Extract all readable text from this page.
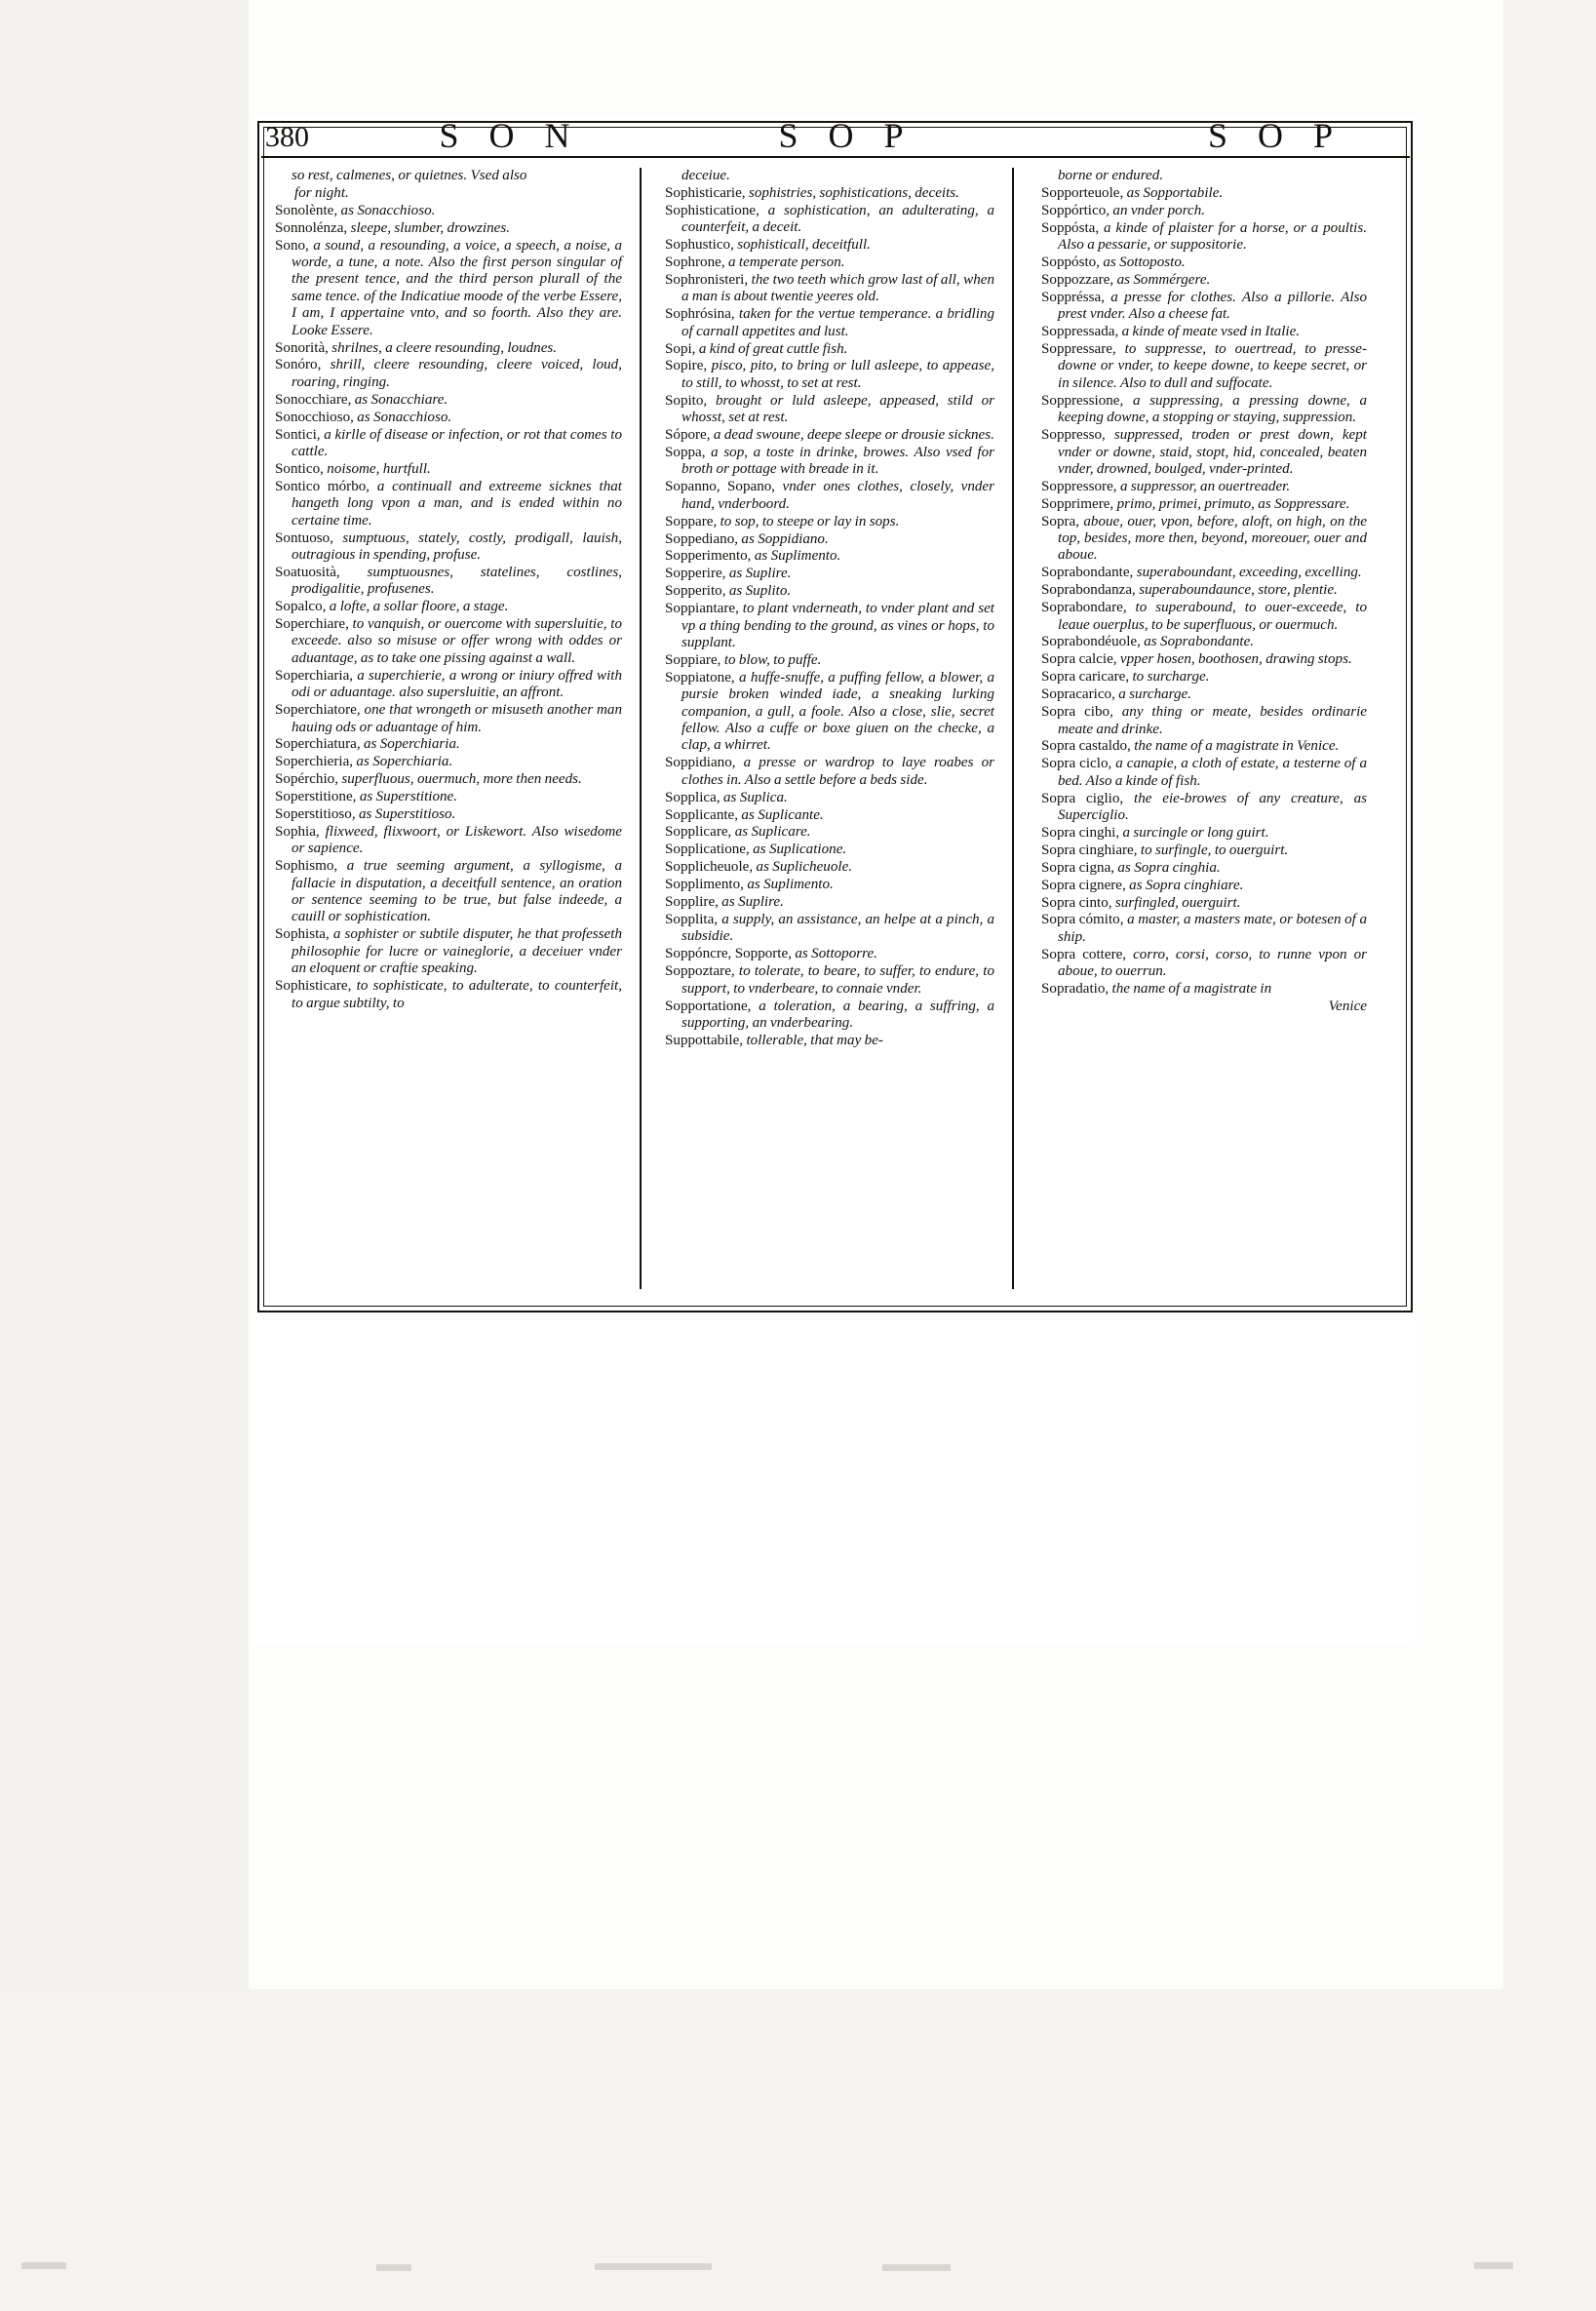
380	S O N	S O P	S O P
so rest, calmenes, or quietnes. Vsed also
for night.
Sonolènte, as Sonacchioso.
Sonnolénza, sleepe, slumber, drowzines.
Sono, a sound, a resounding, a voice, a speech, a noise, a worde, a tune, a note. Also the first person singular of the present tence, and the third person plurall of the same tence. of the Indicatiue moode of the verbe Essere, I am, I appertaine vnto, and so foorth. Also they are. Looke Essere.
Sonorità, shrilnes, a cleere resounding, loudnes.
Sonóro, shrill, cleere resounding, cleere voiced, loud, roaring, ringing.
Sonocchiare, as Sonacchiare.
Sonocchioso, as Sonacchioso.
Sontici, a kirlle of disease or infection, or rot that comes to cattle.
Sontico, noisome, hurtfull.
Sontico mórbo, a continuall and extreeme sicknes that hangeth long vpon a man, and is ended within no certaine time.
Sontuoso, sumptuous, stately, costly, prodigall, lauish, outragious in spending, profuse.
Soatuosità, sumptuousnes, statelines, costlines, prodigalitie, profusenes.
Sopalco, a lofte, a sollar floore, a stage.
Soperchiare, to vanquish, or ouercome with supersluitie, to exceede. also so misuse or offer wrong with oddes or aduantage, as to take one pissing against a wall.
Soperchiaria, a superchierie, a wrong or iniury offred with odi or aduantage. also supersluitie, an affront.
Soperchiatore, one that wrongeth or misuseth another man hauing ods or aduantage of him.
Soperchiatura, as Soperchiaria.
Soperchieria, as Soperchiaria.
Sopérchio, superfluous, ouermuch, more then needs.
Soperstitione, as Superstitione.
Soperstitioso, as Superstitioso.
Sophia, flixweed, flixwoort, or Liskewort. Also wisedome or sapience.
Sophismo, a true seeming argument, a syllogisme, a fallacie in disputation, a deceitfull sentence, an oration or sentence seeming to be true, but false indeede, a cauill or sophistication.
Sophista, a sophister or subtile disputer, he that professeth philosophie for lucre or vaineglorie, a deceiuer vnder an eloquent or craftie speaking.
Sophisticare, to sophisticate, to adulterate, to counterfeit, to argue subtilty, to
deceiue.
Sophisticarie, sophistries, sophistications, deceits.
Sophisticatione, a sophistication, an adulterating, a counterfeit, a deceit.
Sophustico, sophisticall, deceitfull.
Sophrone, a temperate person.
Sophronisteri, the two teeth which grow last of all, when a man is about twentie yeeres old.
Sophrósina, taken for the vertue temperance. a bridling of carnall appetites and lust.
Sopi, a kind of great cuttle fish.
Sopire, pisco, pito, to bring or lull asleepe, to appease, to still, to whosst, to set at rest.
Sopito, brought or luld asleepe, appeased, stild or whosst, set at rest.
Sópore, a dead swoune, deepe sleepe or drousie sicknes.
Soppa, a sop, a toste in drinke, browes. Also vsed for broth or pottage with breade in it.
Sopanno, Sopano, vnder ones clothes, closely, vnder hand, vnderboord.
Soppare, to sop, to steepe or lay in sops.
Soppediano, as Soppidiano.
Sopperimento, as Suplimento.
Sopperire, as Suplire.
Sopperito, as Suplito.
Soppiantare, to plant vnderneath, to vnder plant and set vp a thing bending to the ground, as vines or hops, to supplant.
Soppiare, to blow, to puffe.
Soppiatone, a huffe-snuffe, a puffing fellow, a blower, a pursie broken winded iade, a sneaking lurking companion, a gull, a foole. Also a close, slie, secret fellow. Also a cuffe or boxe giuen on the checke, a clap, a whirret.
Soppidiano, a presse or wardrop to laye roabes or clothes in. Also a settle before a beds side.
Sopplica, as Suplica.
Sopplicante, as Suplicante.
Sopplicare, as Suplicare.
Sopplicatione, as Suplicatione.
Sopplicheuole, as Suplicheuole.
Sopplimento, as Suplimento.
Sopplire, as Suplire.
Sopplita, a supply, an assistance, an helpe at a pinch, a subsidie.
Soppóncre, Sopporte, as Sottoporre.
Soppoztare, to tolerate, to beare, to suffer, to endure, to support, to vnderbeare, to connaie vnder.
Sopportatione, a toleration, a bearing, a suffring, a supporting, an vnderbearing.
Suppottabile, tollerable, that may be-
borne or endured.
Sopporteuole, as Sopportabile.
Soppórtico, an vnder porch.
Soppósta, a kinde of plaister for a horse, or a poultis. Also a pessarie, or suppositorie.
Soppósto, as Sottoposto.
Soppozzare, as Sommérgere.
Soppréssa, a presse for clothes. Also a pillorie. Also prest vnder. Also a cheese fat.
Soppressada, a kinde of meate vsed in Italie.
Soppressare, to suppresse, to ouertread, to presse-downe or vnder, to keepe downe, to keepe secret, or in silence. Also to dull and suffocate.
Soppressione, a suppressing, a pressing downe, a keeping downe, a stopping or staying, suppression.
Soppresso, suppressed, troden or prest down, kept vnder or downe, staid, stopt, hid, concealed, beaten vnder, drowned, boulged, vnder-printed.
Soppressore, a suppressor, an ouertreader.
Sopprimere, primo, primei, primuto, as Soppressare.
Sopra, aboue, ouer, vpon, before, aloft, on high, on the top, besides, more then, beyond, moreouer, ouer and aboue.
Soprabondante, superaboundant, exceeding, excelling.
Soprabondanza, superaboundaunce, store, plentie.
Soprabondare, to superabound, to ouer-exceede, to leaue ouerplus, to be superfluous, or ouermuch.
Soprabondéuole, as Soprabondante.
Sopra calcie, vpper hosen, boothosen, drawing stops.
Sopra caricare, to surcharge.
Sopracarico, a surcharge.
Sopra cibo, any thing or meate, besides ordinarie meate and drinke.
Sopra castaldo, the name of a magistrate in Venice.
Sopra ciclo, a canapie, a cloth of estate, a testerne of a bed. Also a kinde of fish.
Sopra ciglio, the eie-browes of any creature, as Superciglio.
Sopra cinghi, a surcingle or long guirt.
Sopra cinghiare, to surfingle, to ouerguirt.
Sopra cigna, as Sopra cinghia.
Sopra cignere, as Sopra cinghiare.
Sopra cinto, surfingled, ouerguirt.
Sopra cómito, a master, a masters mate, or botesen of a ship.
Sopra cottere, corro, corsi, corso, to runne vpon or aboue, to ouerrun.
Sopradatio, the name of a magistrate in
Venice
